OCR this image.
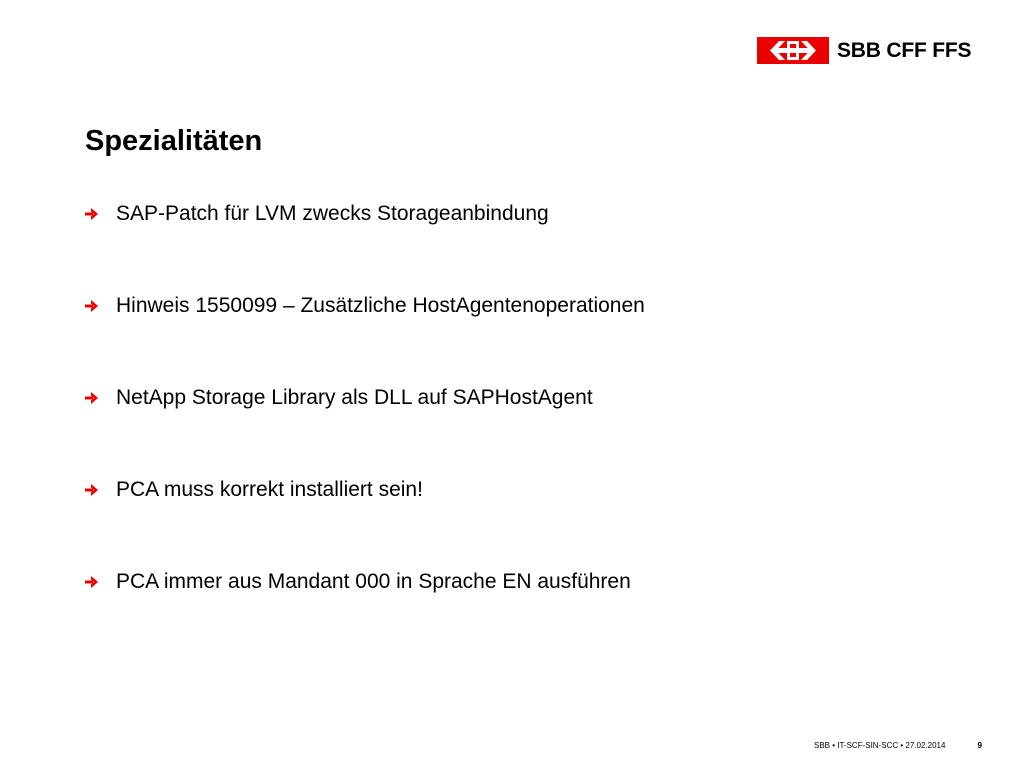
SBB CFF FFS
Spezialitäten
SAP-Patch für LVM zwecks Storageanbindung
Hinweis 1550099 – Zusätzliche HostAgentenoperationen
NetApp Storage Library als DLL auf SAPHostAgent
PCA muss korrekt installiert sein!
PCA immer aus Mandant 000 in Sprache EN ausführen
SBB • IT-SCF-SIN-SCC • 27.02.2014	9
